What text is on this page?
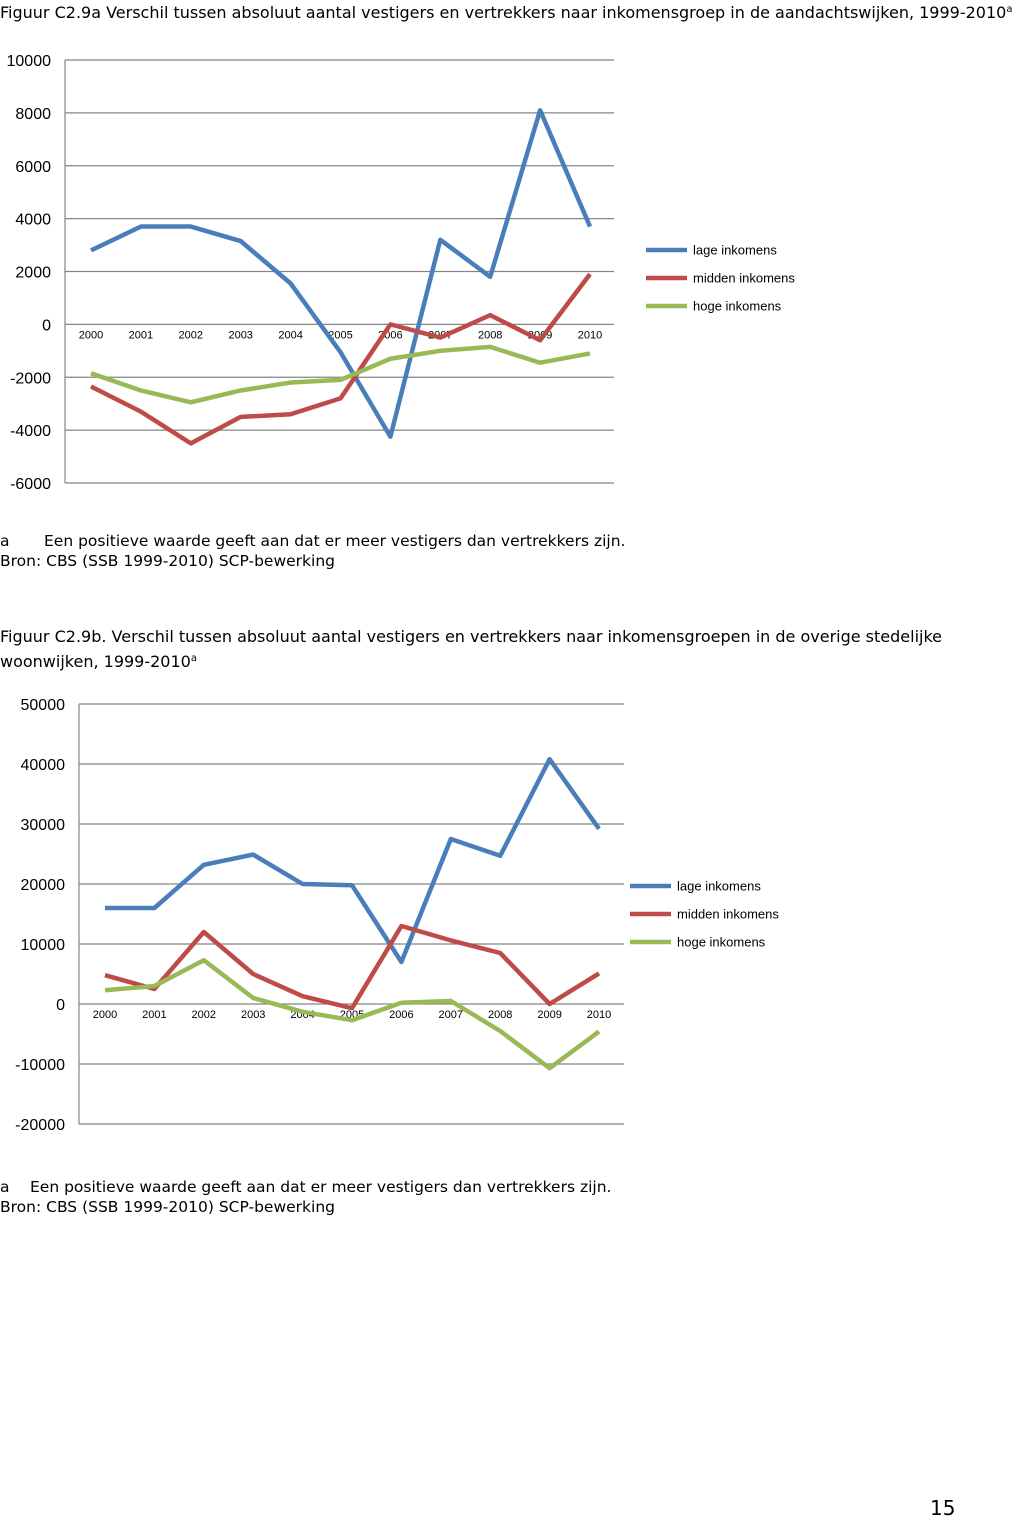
Figuur C2.9a Verschil tussen absoluut aantal vestigers en vertrekkers naar inkomensgroep in de aandachtswijken, 1999-2010$^a$
10000
8000
6000
4000
2000
0
-2000
-4000
-6000
2000 2001 2002 2003 2004 2005 2006 2007 2008 2009 2010
lage inkomens
midden inkomens
hoge inkomens
a Een positieve waarde geeft aan dat er meer vestigers dan vertrekkers zijn.
Bron: CBS (SSB 1999-2010) SCP-bewerking
Figuur C2.9b. Verschil tussen absoluut aantal vestigers en vertrekkers naar inkomensgroepen in de overige stedelijke woonwijken, 1999-2010$^a$
50000
40000
30000
20000
10000
0
-10000
-20000
2000 2001 2002 2003 2004 2005 2006 2007 2008 2009 2010
lage inkomens
midden inkomens
hoge inkomens
a Een positieve waarde geeft aan dat er meer vestigers dan vertrekkers zijn.
Bron: CBS (SSB 1999-2010) SCP-bewerking
15
